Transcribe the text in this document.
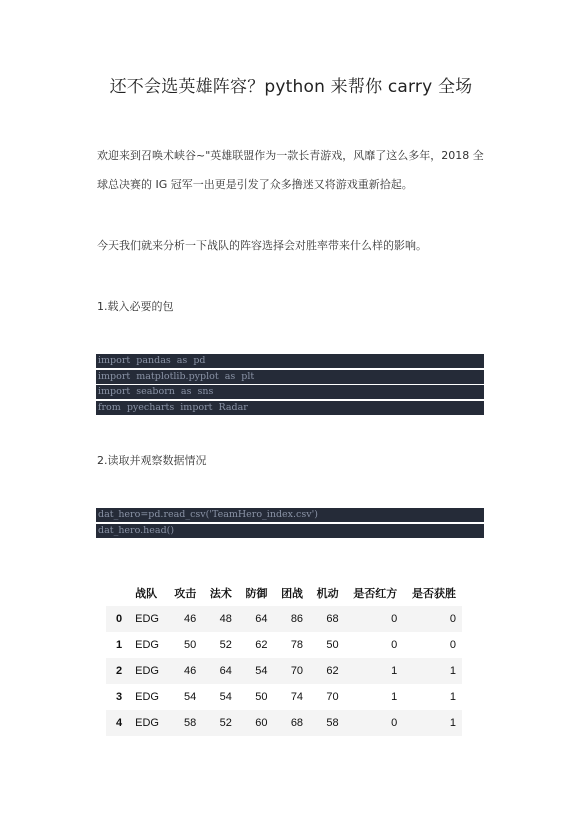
还不会选英雄阵容？python 来帮你 carry 全场
欢迎来到召唤术峡谷~"英雄联盟作为一款长青游戏，风靡了这么多年，2018 全球总决赛的 IG 冠军一出更是引发了众多撸迷又将游戏重新拾起。
今天我们就来分析一下战队的阵容选择会对胜率带来什么样的影响。
1.载入必要的包
import  pandas  as  pd
import  matplotlib.pyplot  as  plt
import  seaborn  as  sns
from  pyecharts  import  Radar
2.读取并观察数据情况
dat_hero=pd.read_csv('TeamHero_index.csv')
dat_hero.head()
	战队	攻击	法术	防御	团战	机动	是否红方	是否获胜
0	EDG	46	48	64	86	68	0	0
1	EDG	50	52	62	78	50	0	0
2	EDG	46	64	54	70	62	1	1
3	EDG	54	54	50	74	70	1	1
4	EDG	58	52	60	68	58	0	1
